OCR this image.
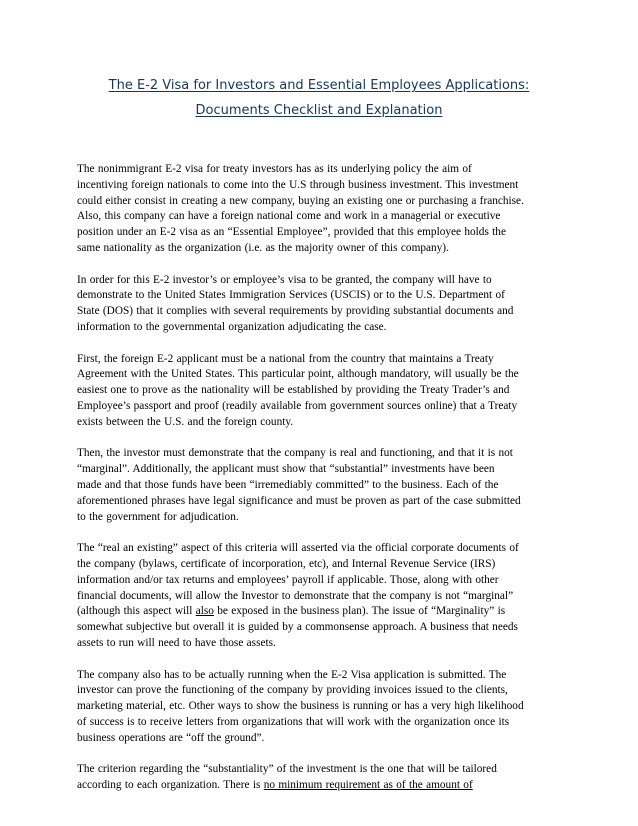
The E-2 Visa for Investors and Essential Employees Applications:
Documents Checklist and Explanation

The nonimmigrant E-2 visa for treaty investors has as its underlying policy the aim of
incentiving foreign nationals to come into the U.S through business investment. This investment
could either consist in creating a new company, buying an existing one or purchasing a franchise.
Also, this company can have a foreign national come and work in a managerial or executive
position under an E-2 visa as an “Essential Employee”, provided that this employee holds the
same nationality as the organization (i.e. as the majority owner of this company).

In order for this E-2 investor’s or employee’s visa to be granted, the company will have to
demonstrate to the United States Immigration Services (USCIS) or to the U.S. Department of
State (DOS) that it complies with several requirements by providing substantial documents and
information to the governmental organization adjudicating the case.

First, the foreign E-2 applicant must be a national from the country that maintains a Treaty
Agreement with the United States. This particular point, although mandatory, will usually be the
easiest one to prove as the nationality will be established by providing the Treaty Trader’s and
Employee’s passport and proof (readily available from government sources online) that a Treaty
exists between the U.S. and the foreign county.

Then, the investor must demonstrate that the company is real and functioning, and that it is not
“marginal”. Additionally, the applicant must show that “substantial” investments have been
made and that those funds have been “irremediably committed” to the business. Each of the
aforementioned phrases have legal significance and must be proven as part of the case submitted
to the government for adjudication.

The “real an existing” aspect of this criteria will asserted via the official corporate documents of
the company (bylaws, certificate of incorporation, etc), and Internal Revenue Service (IRS)
information and/or tax returns and employees’ payroll if applicable. Those, along with other
financial documents, will allow the Investor to demonstrate that the company is not “marginal”
(although this aspect will also be exposed in the business plan). The issue of “Marginality” is
somewhat subjective but overall it is guided by a commonsense approach. A business that needs
assets to run will need to have those assets.

The company also has to be actually running when the E-2 Visa application is submitted. The
investor can prove the functioning of the company by providing invoices issued to the clients,
marketing material, etc. Other ways to show the business is running or has a very high likelihood
of success is to receive letters from organizations that will work with the organization once its
business operations are “off the ground”.

The criterion regarding the “substantiality” of the investment is the one that will be tailored
according to each organization. There is no minimum requirement as of the amount of
